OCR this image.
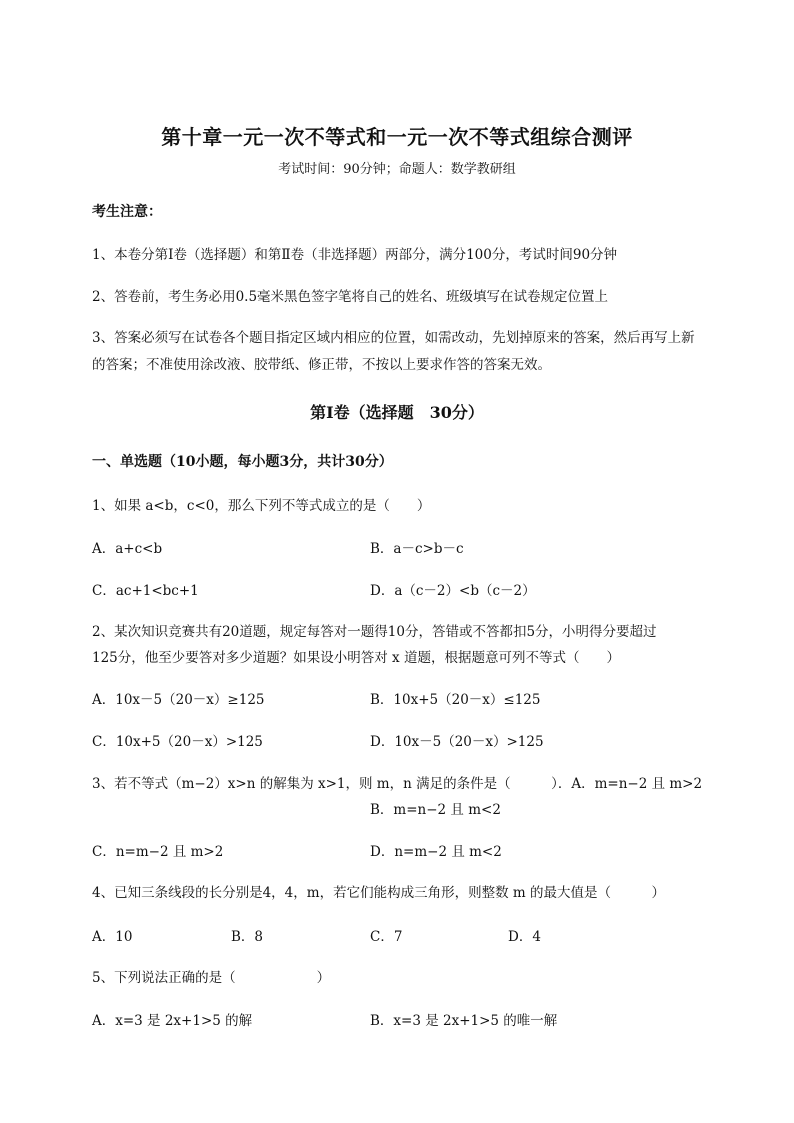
第十章一元一次不等式和一元一次不等式组综合测评
考试时间：90分钟；命题人：数学教研组
考生注意：
1、本卷分第I卷（选择题）和第Ⅱ卷（非选择题）两部分，满分100分，考试时间90分钟
2、答卷前，考生务必用0.5毫米黑色签字笔将自己的姓名、班级填写在试卷规定位置上
3、答案必须写在试卷各个题目指定区域内相应的位置，如需改动，先划掉原来的答案，然后再写上新
的答案；不准使用涂改液、胶带纸、修正带，不按以上要求作答的答案无效。
第I卷（选择题　30分）
一、单选题（10小题，每小题3分，共计30分）
1、如果 a<b，c<0，那么下列不等式成立的是（　　）
A．a+c<b	B．a－c>b－c
C．ac+1<bc+1	D．a（c－2）<b（c－2）
2、某次知识竞赛共有20道题，规定每答对一题得10分，答错或不答都扣5分，小明得分要超过
125分，他至少要答对多少道题？如果设小明答对 x 道题，根据题意可列不等式（　　）
A．10x－5（20－x）≥125	B．10x+5（20－x）≤125
C．10x+5（20－x）>125	D．10x－5（20－x）>125
3、若不等式（m−2）x>n 的解集为 x>1，则 m，n 满足的条件是（　　　）．A．m=n−2 且 m>2
B．m=n−2 且 m<2
C．n=m−2 且 m>2	D．n=m−2 且 m<2
4、已知三条线段的长分别是4，4，m，若它们能构成三角形，则整数 m 的最大值是（　　　）
A．10	B．8	C．7	D．4
5、下列说法正确的是（　　　　　　）
A．x=3 是 2x+1>5 的解	B．x=3 是 2x+1>5 的唯一解
